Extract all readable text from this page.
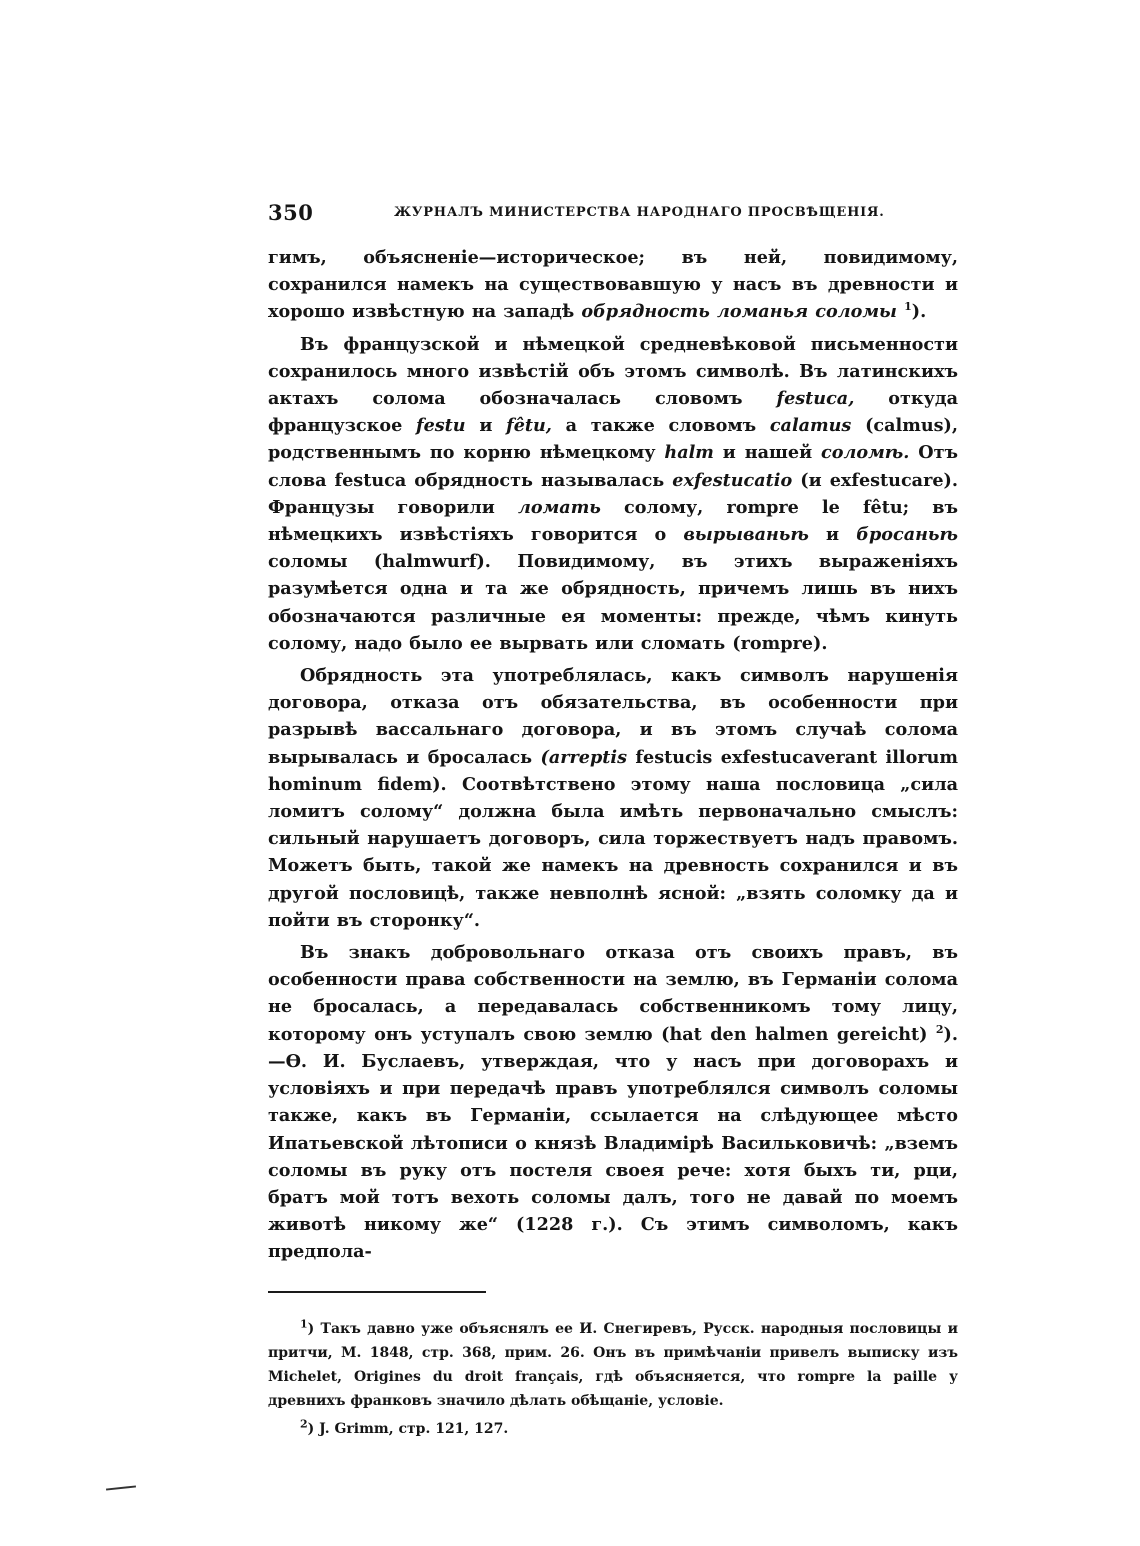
350	ЖУРНАЛЪ МИНИСТЕРСТВА НАРОДНАГО ПРОСВѢЩЕНІЯ.

гимъ, объясненіе—историческое; въ ней, повидимому, сохранился намекъ на существовавшую у насъ въ древности и хорошо извѣстную на западѣ обрядность ломанья соломы $^1$).

Въ французской и нѣмецкой средневѣковой письменности сохранилось много извѣстій объ этомъ символѣ. Въ латинскихъ актахъ солома обозначалась словомъ festuca, откуда французское festu и fêtu, а также словомъ calamus (calmus), родственнымъ по корню нѣмецкому halm и нашей соломѣ. Отъ слова festuca обрядность называлась exfestucatio (и exfestucare). Французы говорили ломать солому, rompre le fêtu; въ нѣмецкихъ извѣстіяхъ говорится о вырываньѣ и бросаньѣ соломы (halmwurf). Повидимому, въ этихъ выраженіяхъ разумѣется одна и та же обрядность, причемъ лишь въ нихъ обозначаются различные ея моменты: прежде, чѣмъ кинуть солому, надо было ее вырвать или сломать (rompre).

Обрядность эта употреблялась, какъ символъ нарушенія договора, отказа отъ обязательства, въ особенности при разрывѣ вассальнаго договора, и въ этомъ случаѣ солома вырывалась и бросалась (arreptis festucis exfestucaverant illorum hominum fidem). Соотвѣтствено этому наша пословица „сила ломитъ солому“ должна была имѣть первоначально смыслъ: сильный нарушаетъ договоръ, сила торжествуетъ надъ правомъ. Можетъ быть, такой же намекъ на древность сохранился и въ другой пословицѣ, также невполнѣ ясной: „взять соломку да и пойти въ сторонку“.

Въ знакъ добровольнаго отказа отъ своихъ правъ, въ особенности права собственности на землю, въ Германіи солома не бросалась, а передавалась собственникомъ тому лицу, которому онъ уступалъ свою землю (hat den halmen gereicht) $^2$).—Ѳ. И. Буслаевъ, утверждая, что у насъ при договорахъ и условіяхъ и при передачѣ правъ употреблялся символъ соломы также, какъ въ Германіи, ссылается на слѣдующее мѣсто Ипатьевской лѣтописи о князѣ Владимірѣ Васильковичѣ: „вземъ соломы въ руку отъ постеля своея рече: хотя быхъ ти, рци, братъ мой тотъ вехоть соломы далъ, того не давай по моемъ животѣ никому же“ (1228 г.). Съ этимъ символомъ, какъ предпола-

$^1$) Такъ давно уже объяснялъ ее И. Снегиревъ, Русск. народныя пословицы и притчи, М. 1848, стр. 368, прим. 26. Онъ въ примѣчаніи привелъ выписку изъ Michelet, Origines du droit français, гдѣ объясняется, что rompre la paille у древнихъ франковъ значило дѣлать обѣщаніе, условіе.

$^2$) J. Grimm, стр. 121, 127.
